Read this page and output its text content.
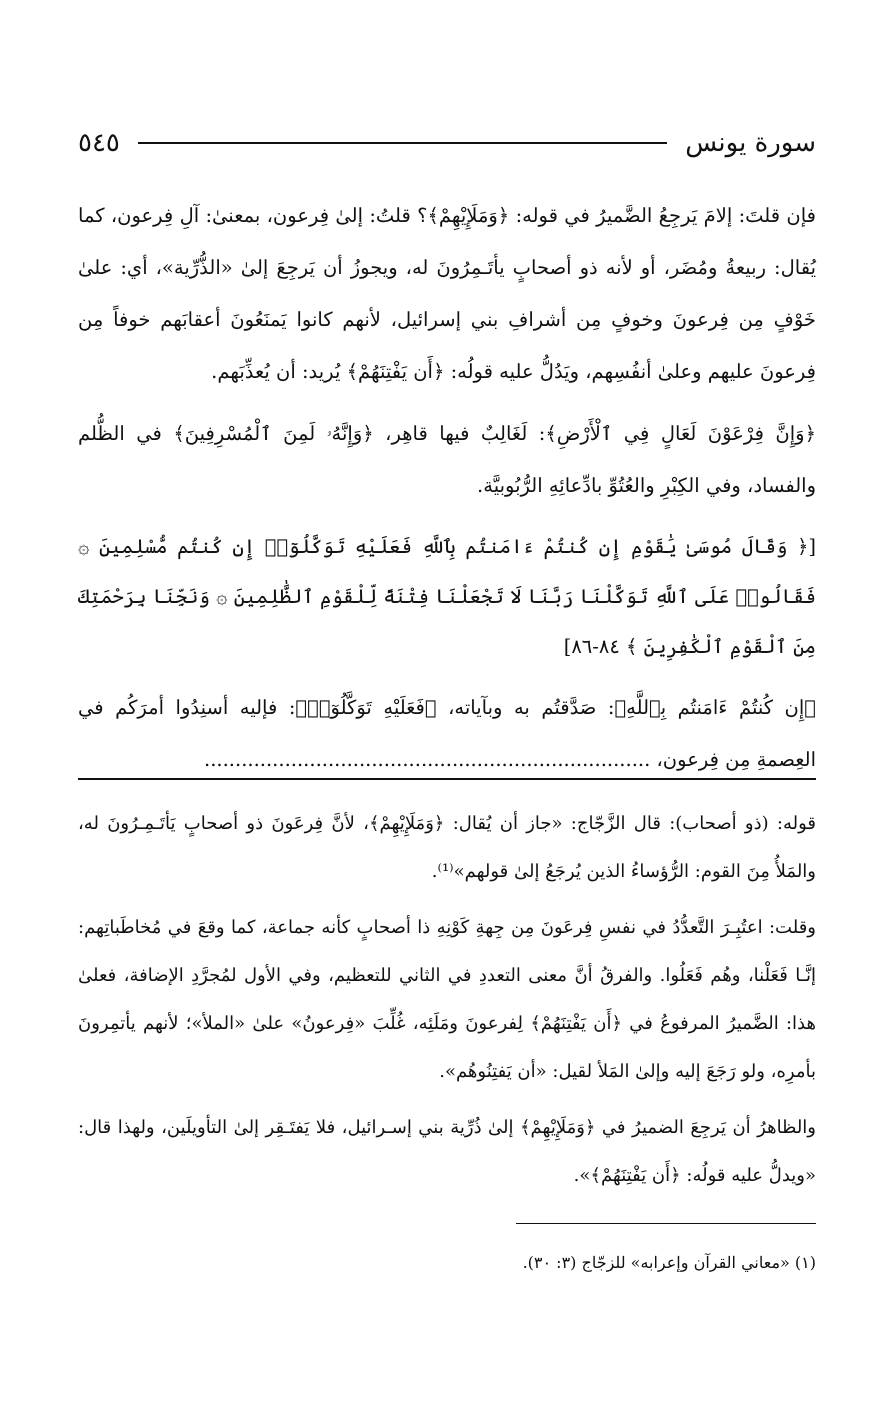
سورة يونس
٥٤٥

فإن قلتَ: إلامَ يَرجِعُ الضَّميرُ في قوله: ﴿وَمَلَإِيْهِمْ﴾؟ قلتُ: إلىٰ فِرعون، بمعنىٰ: آلِ فِرعون، كما يُقال: ربيعةُ ومُضَر، أو لأنه ذو أصحابٍ يأتَـمِرُونَ له، ويجوزُ أن يَرجِعَ إلىٰ «الذُّرِّية»، أي: علىٰ خَوْفٍ مِن فِرعونَ وخوفٍ مِن أشرافِ بني إسرائيل، لأنهم كانوا يَمنَعُونَ أعقابَهم خوفاً مِن فِرعونَ عليهم وعلىٰ أنفُسِهم، ويَدُلُّ عليه قولُه: ﴿أَن يَفْتِنَهُمْ﴾ يُريد: أن يُعذِّبَهم.

﴿وَإِنَّ فِرْعَوْنَ لَعَالٍ فِي ٱلْأَرْضِ﴾: لَغَالِبٌ فيها قاهِر، ﴿وَإِنَّهُۥ لَمِنَ ٱلْمُسْرِفِينَ﴾ في الظُّلم والفساد، وفي الكِبْرِ والعُتُوِّ بادِّعائِهِ الرُّبُوبيَّة.

[﴿ وَقَالَ مُوسَىٰ يَٰقَوْمِ إِن كُنتُمْ ءَامَنتُم بِٱللَّهِ فَعَلَيْهِ تَوَكَّلُوٓا۟ إِن كُنتُم مُّسْلِمِينَ ۞ فَقَالُوا۟ عَلَى ٱللَّهِ تَوَكَّلْنَا رَبَّنَا لَا تَجْعَلْنَا فِتْنَةً لِّلْقَوْمِ ٱلظَّٰلِمِينَ ۞ وَنَجِّنَا بِرَحْمَتِكَ مِنَ ٱلْقَوْمِ ٱلْكَٰفِرِينَ ﴾ ٨٤-٨٦]

﴿إِن كُنتُمْ ءَامَنتُم بِٱللَّهِ﴾: صَدَّقتُم به وبآياته، ﴿فَعَلَيْهِ تَوَكَّلُوٓا۟﴾: فإليه أسنِدُوا أمرَكُم في العِصمةِ مِن فِرعون، ........................................................................

قوله: (ذو أصحاب): قال الزَّجّاج: «جاز أن يُقال: ﴿وَمَلَإِيْهِمْ﴾، لأنَّ فِرعَونَ ذو أصحابٍ يَأتَـمِـرُونَ له، والمَلأُ مِنَ القوم: الرُّؤساءُ الذين يُرجَعُ إلىٰ قولهم»⁽¹⁾.

وقلت: اعتُبِـرَ التَّعدُّدُ في نفسِ فِرعَونَ مِن جِهةِ كَوْنِهِ ذا أصحابٍ كأنه جماعة، كما وقعَ في مُخاطَباتِهم: إنَّـا فَعَلْنا، وهُم فَعَلُوا. والفرقُ أنَّ معنى التعددِ في الثاني للتعظيم، وفي الأول لمُجرَّدِ الإضافة، فعلىٰ هذا: الضَّميرُ المرفوعُ في ﴿أَن يَفْتِنَهُمْ﴾ لِفرعونَ ومَلَئِه، غُلِّبَ «فِرعونُ» علىٰ «الملأ»؛ لأنهم يأتمِرونَ بأمرِه، ولو رَجَعَ إليه وإلىٰ المَلأ لقيل: «أن يَفتِنُوهُم».

والظاهرُ أن يَرجِعَ الضميرُ في ﴿وَمَلَإِيْهِمْ﴾ إلىٰ ذُرِّية بني إسـرائيل، فلا يَفتَـقِر إلىٰ التأويلَين، ولهذا قال: «ويدلُّ عليه قولُه: ﴿أَن يَفْتِنَهُمْ﴾».

(١) «معاني القرآن وإعرابه» للزجّاج (٣: ٣٠).
